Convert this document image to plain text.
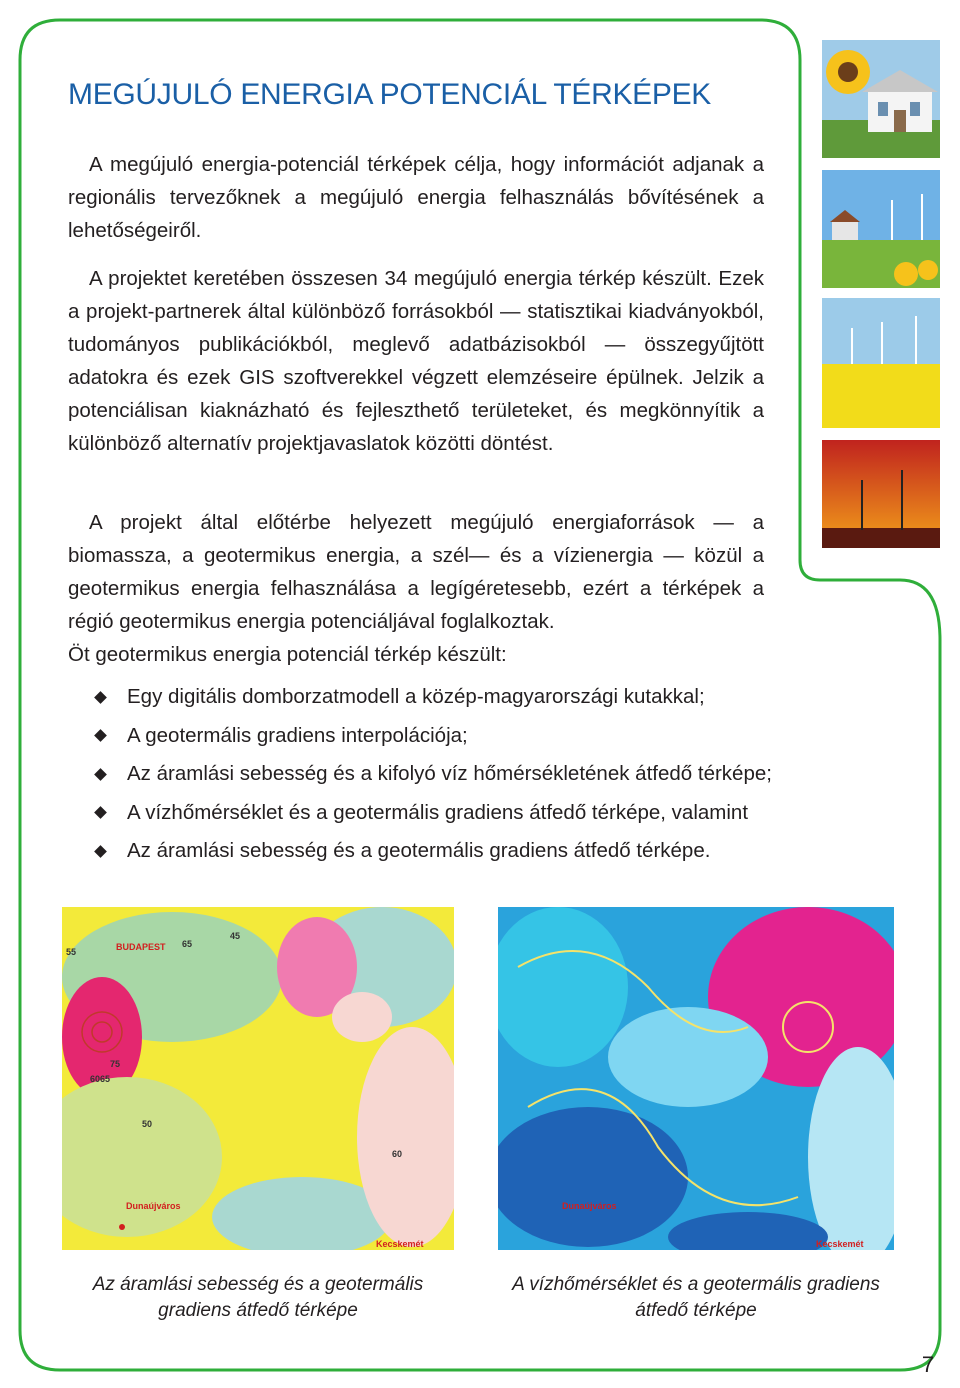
MEGÚJULÓ ENERGIA POTENCIÁL TÉRKÉPEK

A megújuló energia-potenciál térképek célja, hogy információt adjanak a regionális tervezőknek a megújuló energia felhasználás bővítésének a lehetőségeiről.

A projektet keretében összesen 34 megújuló energia térkép készült. Ezek a projekt-partnerek által különböző forrásokból — statisztikai kiadványokból, tudományos publikációkból, meglevő adatbázisokból — összegyűjtött adatokra és ezek GIS szoftverekkel végzett elemzéseire épülnek. Jelzik a potenciálisan kiaknázható és fejleszthető területeket, és megkönnyítik a különböző alternatív projektjavaslatok közötti döntést.

A projekt által előtérbe helyezett megújuló energiaforrások — a biomassza, a geotermikus energia, a szél— és a vízienergia — közül a geotermikus energia felhasználása a legígéretesebb, ezért a térképek a régió geotermikus energia potenciáljával foglalkoztak.

Öt geotermikus energia potenciál térkép készült:

Egy digitális domborzatmodell a közép-magyarországi kutakkal;
A geotermális gradiens interpolációja;
Az áramlási sebesség és a kifolyó víz hőmérsékletének átfedő térképe;
A vízhőmérséklet és a geotermális gradiens átfedő térképe, valamint
Az áramlási sebesség és a geotermális gradiens átfedő térképe.
BUDAPEST
Dunaújváros
Kecskemét
55
45
50
60
65
75
6065
Dunaújváros
Kecskemét

Az áramlási sebesség és a geotermális gradiens átfedő térképe

A vízhőmérséklet és a geotermális gradiens átfedő térképe

7
